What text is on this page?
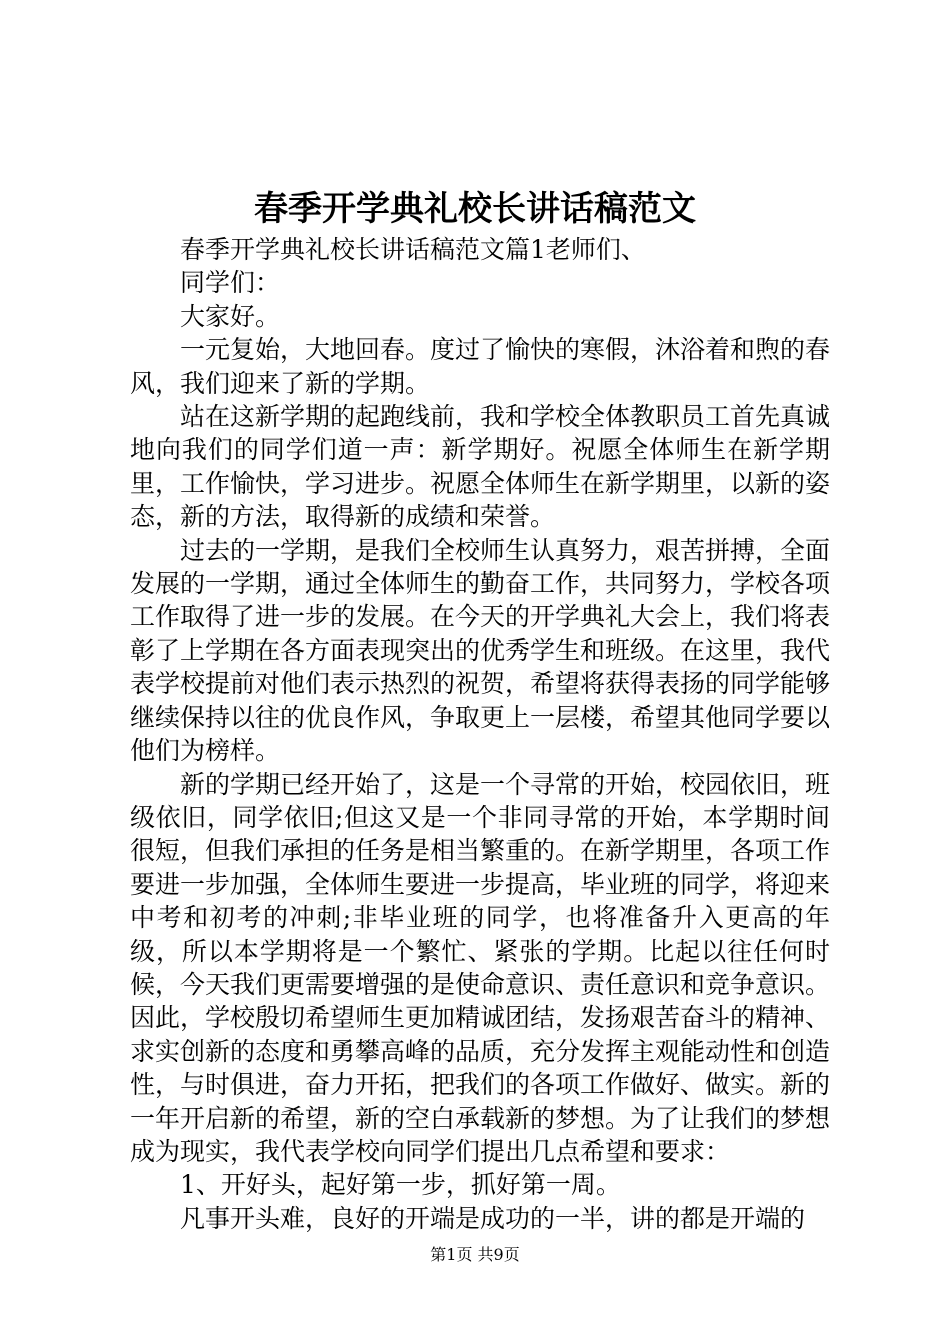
春季开学典礼校长讲话稿范文

春季开学典礼校长讲话稿范文篇1老师们、

同学们：

大家好。

一元复始，大地回春。度过了愉快的寒假，沐浴着和煦的春风，我们迎来了新的学期。

站在这新学期的起跑线前，我和学校全体教职员工首先真诚地向我们的同学们道一声：新学期好。祝愿全体师生在新学期里，工作愉快，学习进步。祝愿全体师生在新学期里，以新的姿态，新的方法，取得新的成绩和荣誉。

过去的一学期，是我们全校师生认真努力，艰苦拼搏，全面发展的一学期，通过全体师生的勤奋工作，共同努力，学校各项工作取得了进一步的发展。在今天的开学典礼大会上，我们将表彰了上学期在各方面表现突出的优秀学生和班级。在这里，我代表学校提前对他们表示热烈的祝贺，希望将获得表扬的同学能够继续保持以往的优良作风，争取更上一层楼，希望其他同学要以他们为榜样。

新的学期已经开始了，这是一个寻常的开始，校园依旧，班级依旧，同学依旧;但这又是一个非同寻常的开始，本学期时间很短，但我们承担的任务是相当繁重的。在新学期里，各项工作要进一步加强，全体师生要进一步提高，毕业班的同学，将迎来中考和初考的冲刺;非毕业班的同学，也将准备升入更高的年级，所以本学期将是一个繁忙、紧张的学期。比起以往任何时候，今天我们更需要增强的是使命意识、责任意识和竞争意识。因此，学校殷切希望师生更加精诚团结，发扬艰苦奋斗的精神、求实创新的态度和勇攀高峰的品质，充分发挥主观能动性和创造性，与时俱进，奋力开拓，把我们的各项工作做好、做实。新的一年开启新的希望，新的空白承载新的梦想。为了让我们的梦想成为现实，我代表学校向同学们提出几点希望和要求：

1、开好头，起好第一步，抓好第一周。

凡事开头难，良好的开端是成功的一半，讲的都是开端的

第1页 共9页
